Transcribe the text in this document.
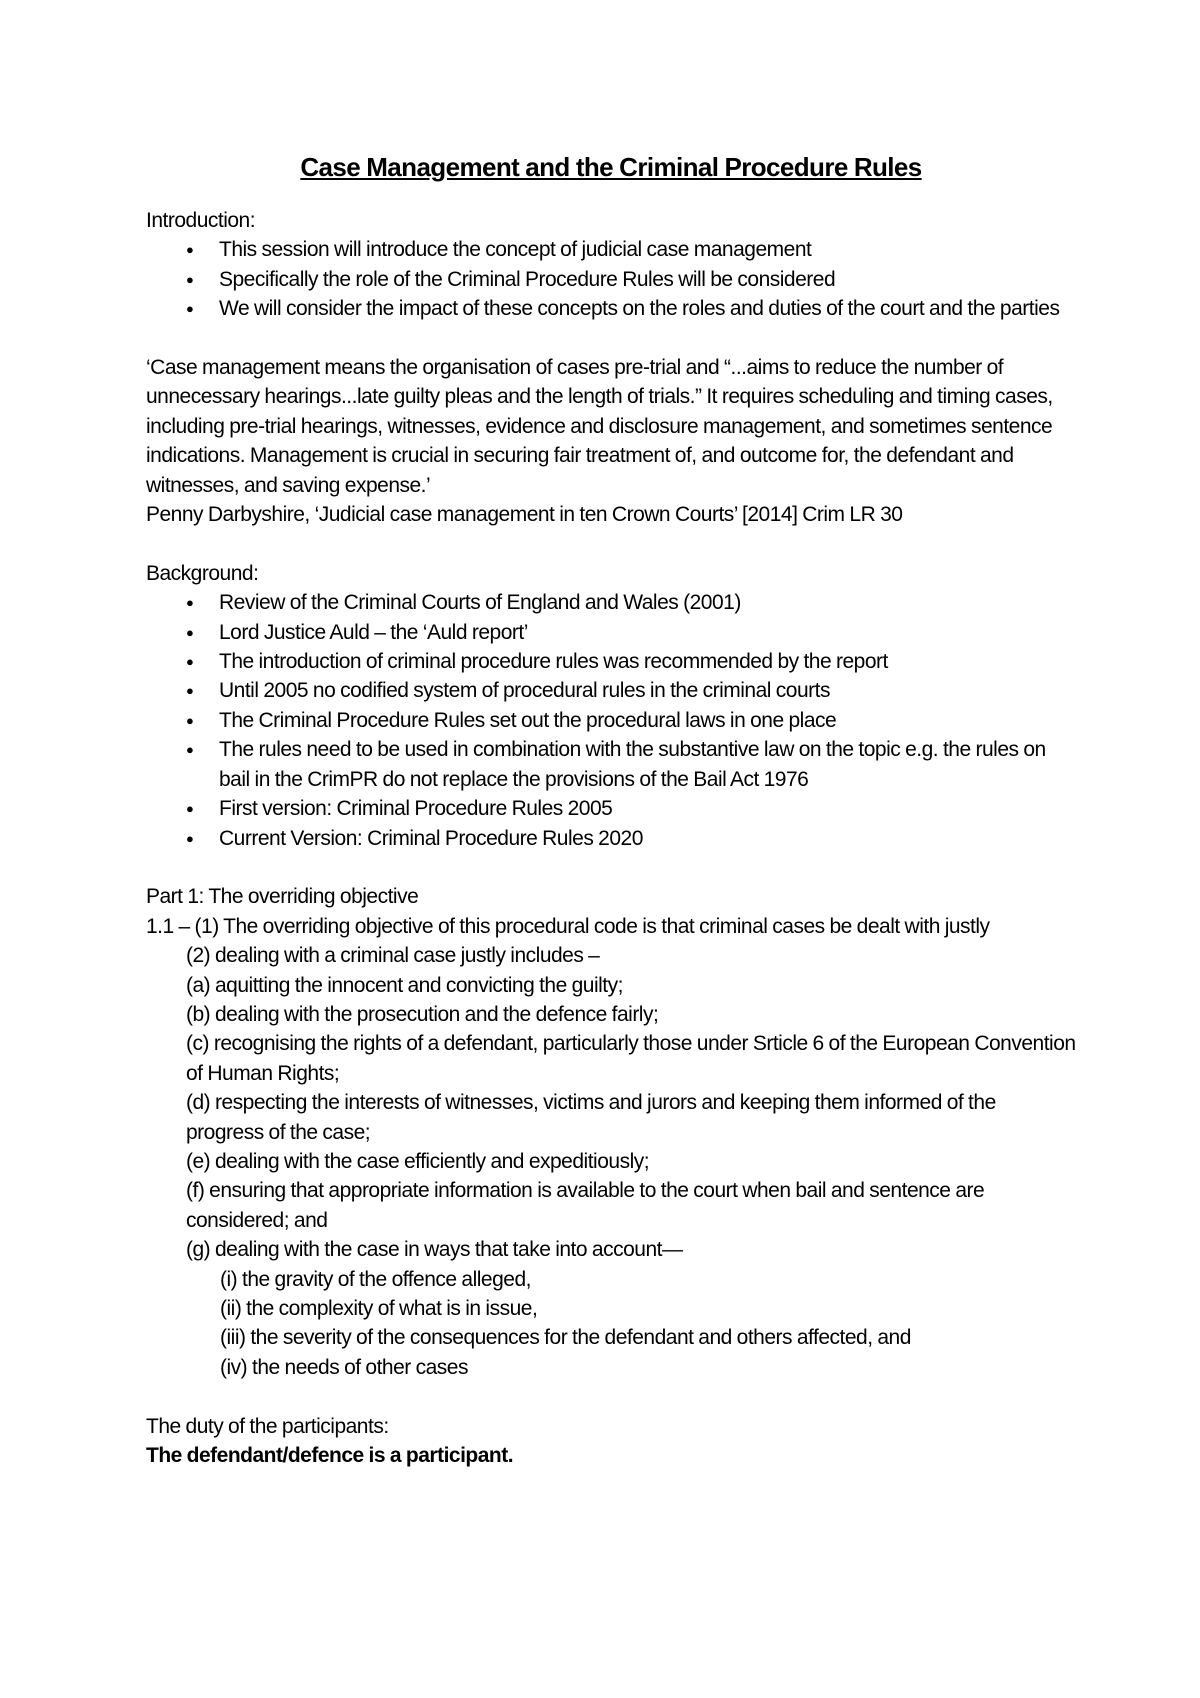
Case Management and the Criminal Procedure Rules

Introduction:

● This session will introduce the concept of judicial case management
● Specifically the role of the Criminal Procedure Rules will be considered
● We will consider the impact of these concepts on the roles and duties of the court and the parties

‘Case management means the organisation of cases pre-trial and “...aims to reduce the number of unnecessary hearings...late guilty pleas and the length of trials.” It requires scheduling and timing cases, including pre-trial hearings, witnesses, evidence and disclosure management, and sometimes sentence indications. Management is crucial in securing fair treatment of, and outcome for, the defendant and witnesses, and saving expense.’

Penny Darbyshire, ‘Judicial case management in ten Crown Courts’ [2014] Crim LR 30

Background:

● Review of the Criminal Courts of England and Wales (2001)
● Lord Justice Auld – the ‘Auld report’
● The introduction of criminal procedure rules was recommended by the report
● Until 2005 no codified system of procedural rules in the criminal courts
● The Criminal Procedure Rules set out the procedural laws in one place
● The rules need to be used in combination with the substantive law on the topic e.g. the rules on bail in the CrimPR do not replace the provisions of the Bail Act 1976
● First version: Criminal Procedure Rules 2005
● Current Version: Criminal Procedure Rules 2020

Part 1: The overriding objective

1.1 – (1) The overriding objective of this procedural code is that criminal cases be dealt with justly

(2) dealing with a criminal case justly includes –

(a) aquitting the innocent and convicting the guilty;

(b) dealing with the prosecution and the defence fairly;

(c) recognising the rights of a defendant, particularly those under Srticle 6 of the European Convention of Human Rights;

(d) respecting the interests of witnesses, victims and jurors and keeping them informed of the progress of the case;

(e) dealing with the case efficiently and expeditiously;

(f) ensuring that appropriate information is available to the court when bail and sentence are considered; and

(g) dealing with the case in ways that take into account—

(i) the gravity of the offence alleged,

(ii) the complexity of what is in issue,

(iii) the severity of the consequences for the defendant and others affected, and

(iv) the needs of other cases

The duty of the participants:

The defendant/defence is a participant.
